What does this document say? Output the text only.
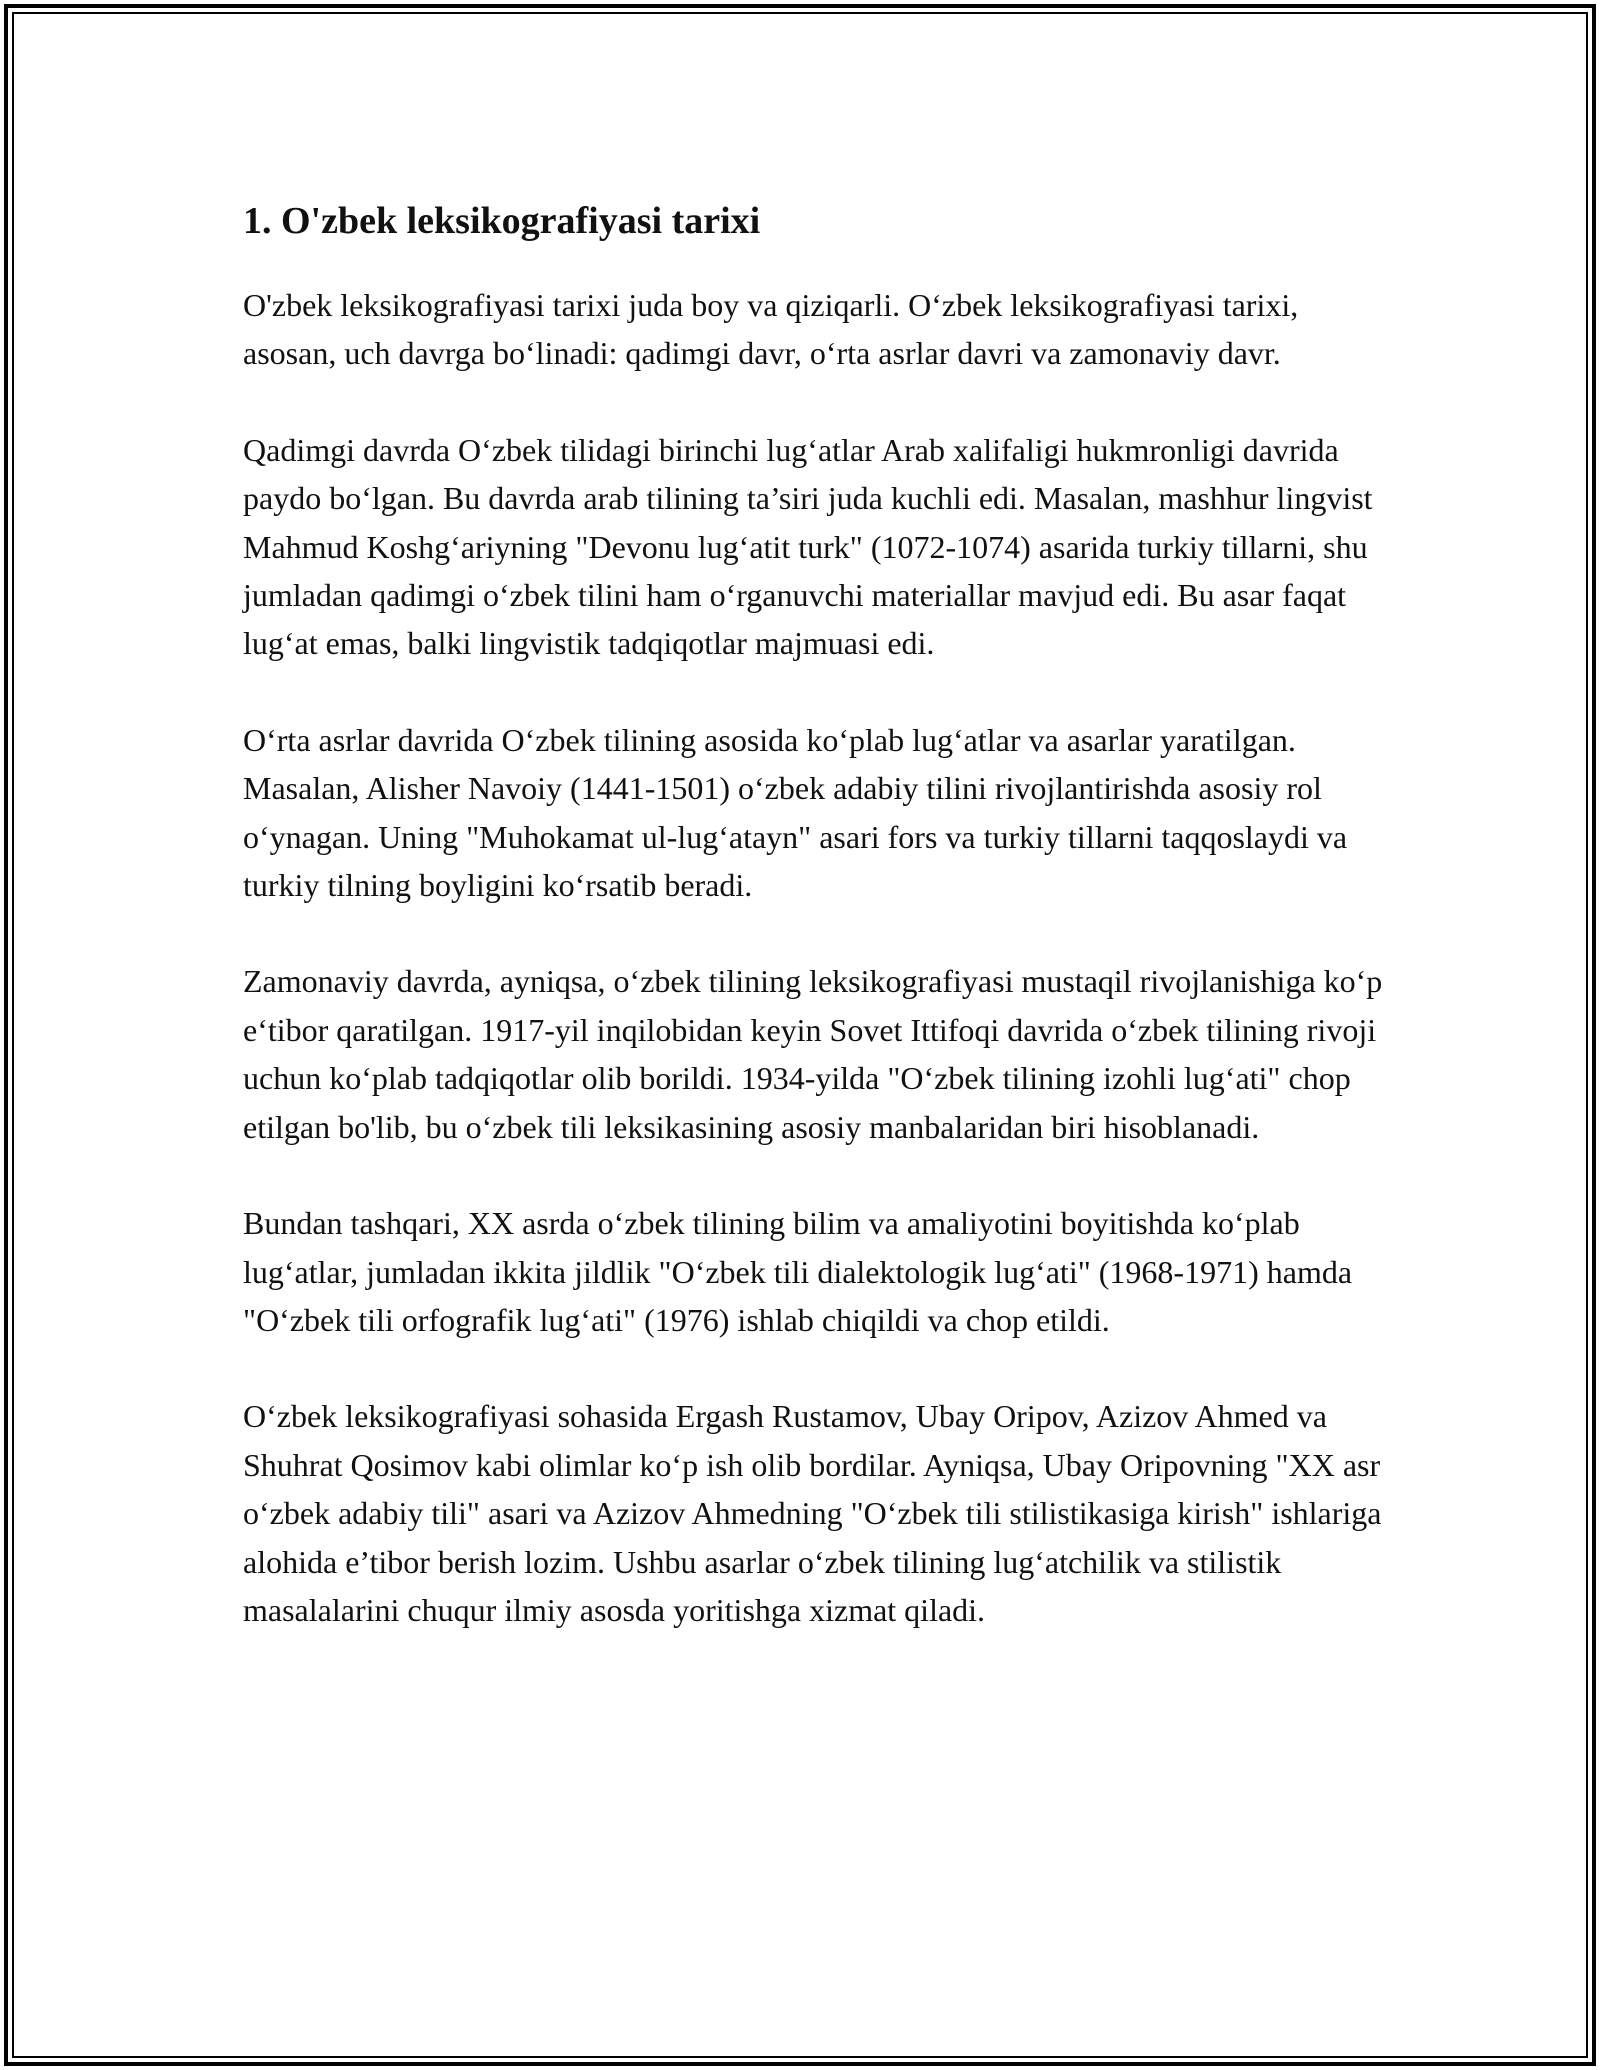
1. O'zbek leksikografiyasi tarixi

O'zbek leksikografiyasi tarixi juda boy va qiziqarli. O‘zbek leksikografiyasi tarixi, asosan, uch davrga bo‘linadi: qadimgi davr, o‘rta asrlar davri va zamonaviy davr.

Qadimgi davrda O‘zbek tilidagi birinchi lug‘atlar Arab xalifaligi hukmronligi davrida paydo bo‘lgan. Bu davrda arab tilining ta’siri juda kuchli edi. Masalan, mashhur lingvist Mahmud Koshg‘ariyning "Devonu lug‘atit turk" (1072-1074) asarida turkiy tillarni, shu jumladan qadimgi o‘zbek tilini ham o‘rganuvchi materiallar mavjud edi. Bu asar faqat lug‘at emas, balki lingvistik tadqiqotlar majmuasi edi.

O‘rta asrlar davrida O‘zbek tilining asosida ko‘plab lug‘atlar va asarlar yaratilgan. Masalan, Alisher Navoiy (1441-1501) o‘zbek adabiy tilini rivojlantirishda asosiy rol o‘ynagan. Uning "Muhokamat ul-lug‘atayn" asari fors va turkiy tillarni taqqoslaydi va turkiy tilning boyligini ko‘rsatib beradi.

Zamonaviy davrda, ayniqsa, o‘zbek tilining leksikografiyasi mustaqil rivojlanishiga ko‘p e‘tibor qaratilgan. 1917-yil inqilobidan keyin Sovet Ittifoqi davrida o‘zbek tilining rivoji uchun ko‘plab tadqiqotlar olib borildi. 1934-yilda "O‘zbek tilining izohli lug‘ati" chop etilgan bo'lib, bu o‘zbek tili leksikasining asosiy manbalaridan biri hisoblanadi.

Bundan tashqari, XX asrda o‘zbek tilining bilim va amaliyotini boyitishda ko‘plab lug‘atlar, jumladan ikkita jildlik "O‘zbek tili dialektologik lug‘ati" (1968-1971) hamda "O‘zbek tili orfografik lug‘ati" (1976) ishlab chiqildi va chop etildi.

O‘zbek leksikografiyasi sohasida Ergash Rustamov, Ubay Oripov, Azizov Ahmed va Shuhrat Qosimov kabi olimlar ko‘p ish olib bordilar. Ayniqsa, Ubay Oripovning "XX asr o‘zbek adabiy tili" asari va Azizov Ahmedning "O‘zbek tili stilistikasiga kirish" ishlariga alohida e’tibor berish lozim. Ushbu asarlar o‘zbek tilining lug‘atchilik va stilistik masalalarini chuqur ilmiy asosda yoritishga xizmat qiladi.
